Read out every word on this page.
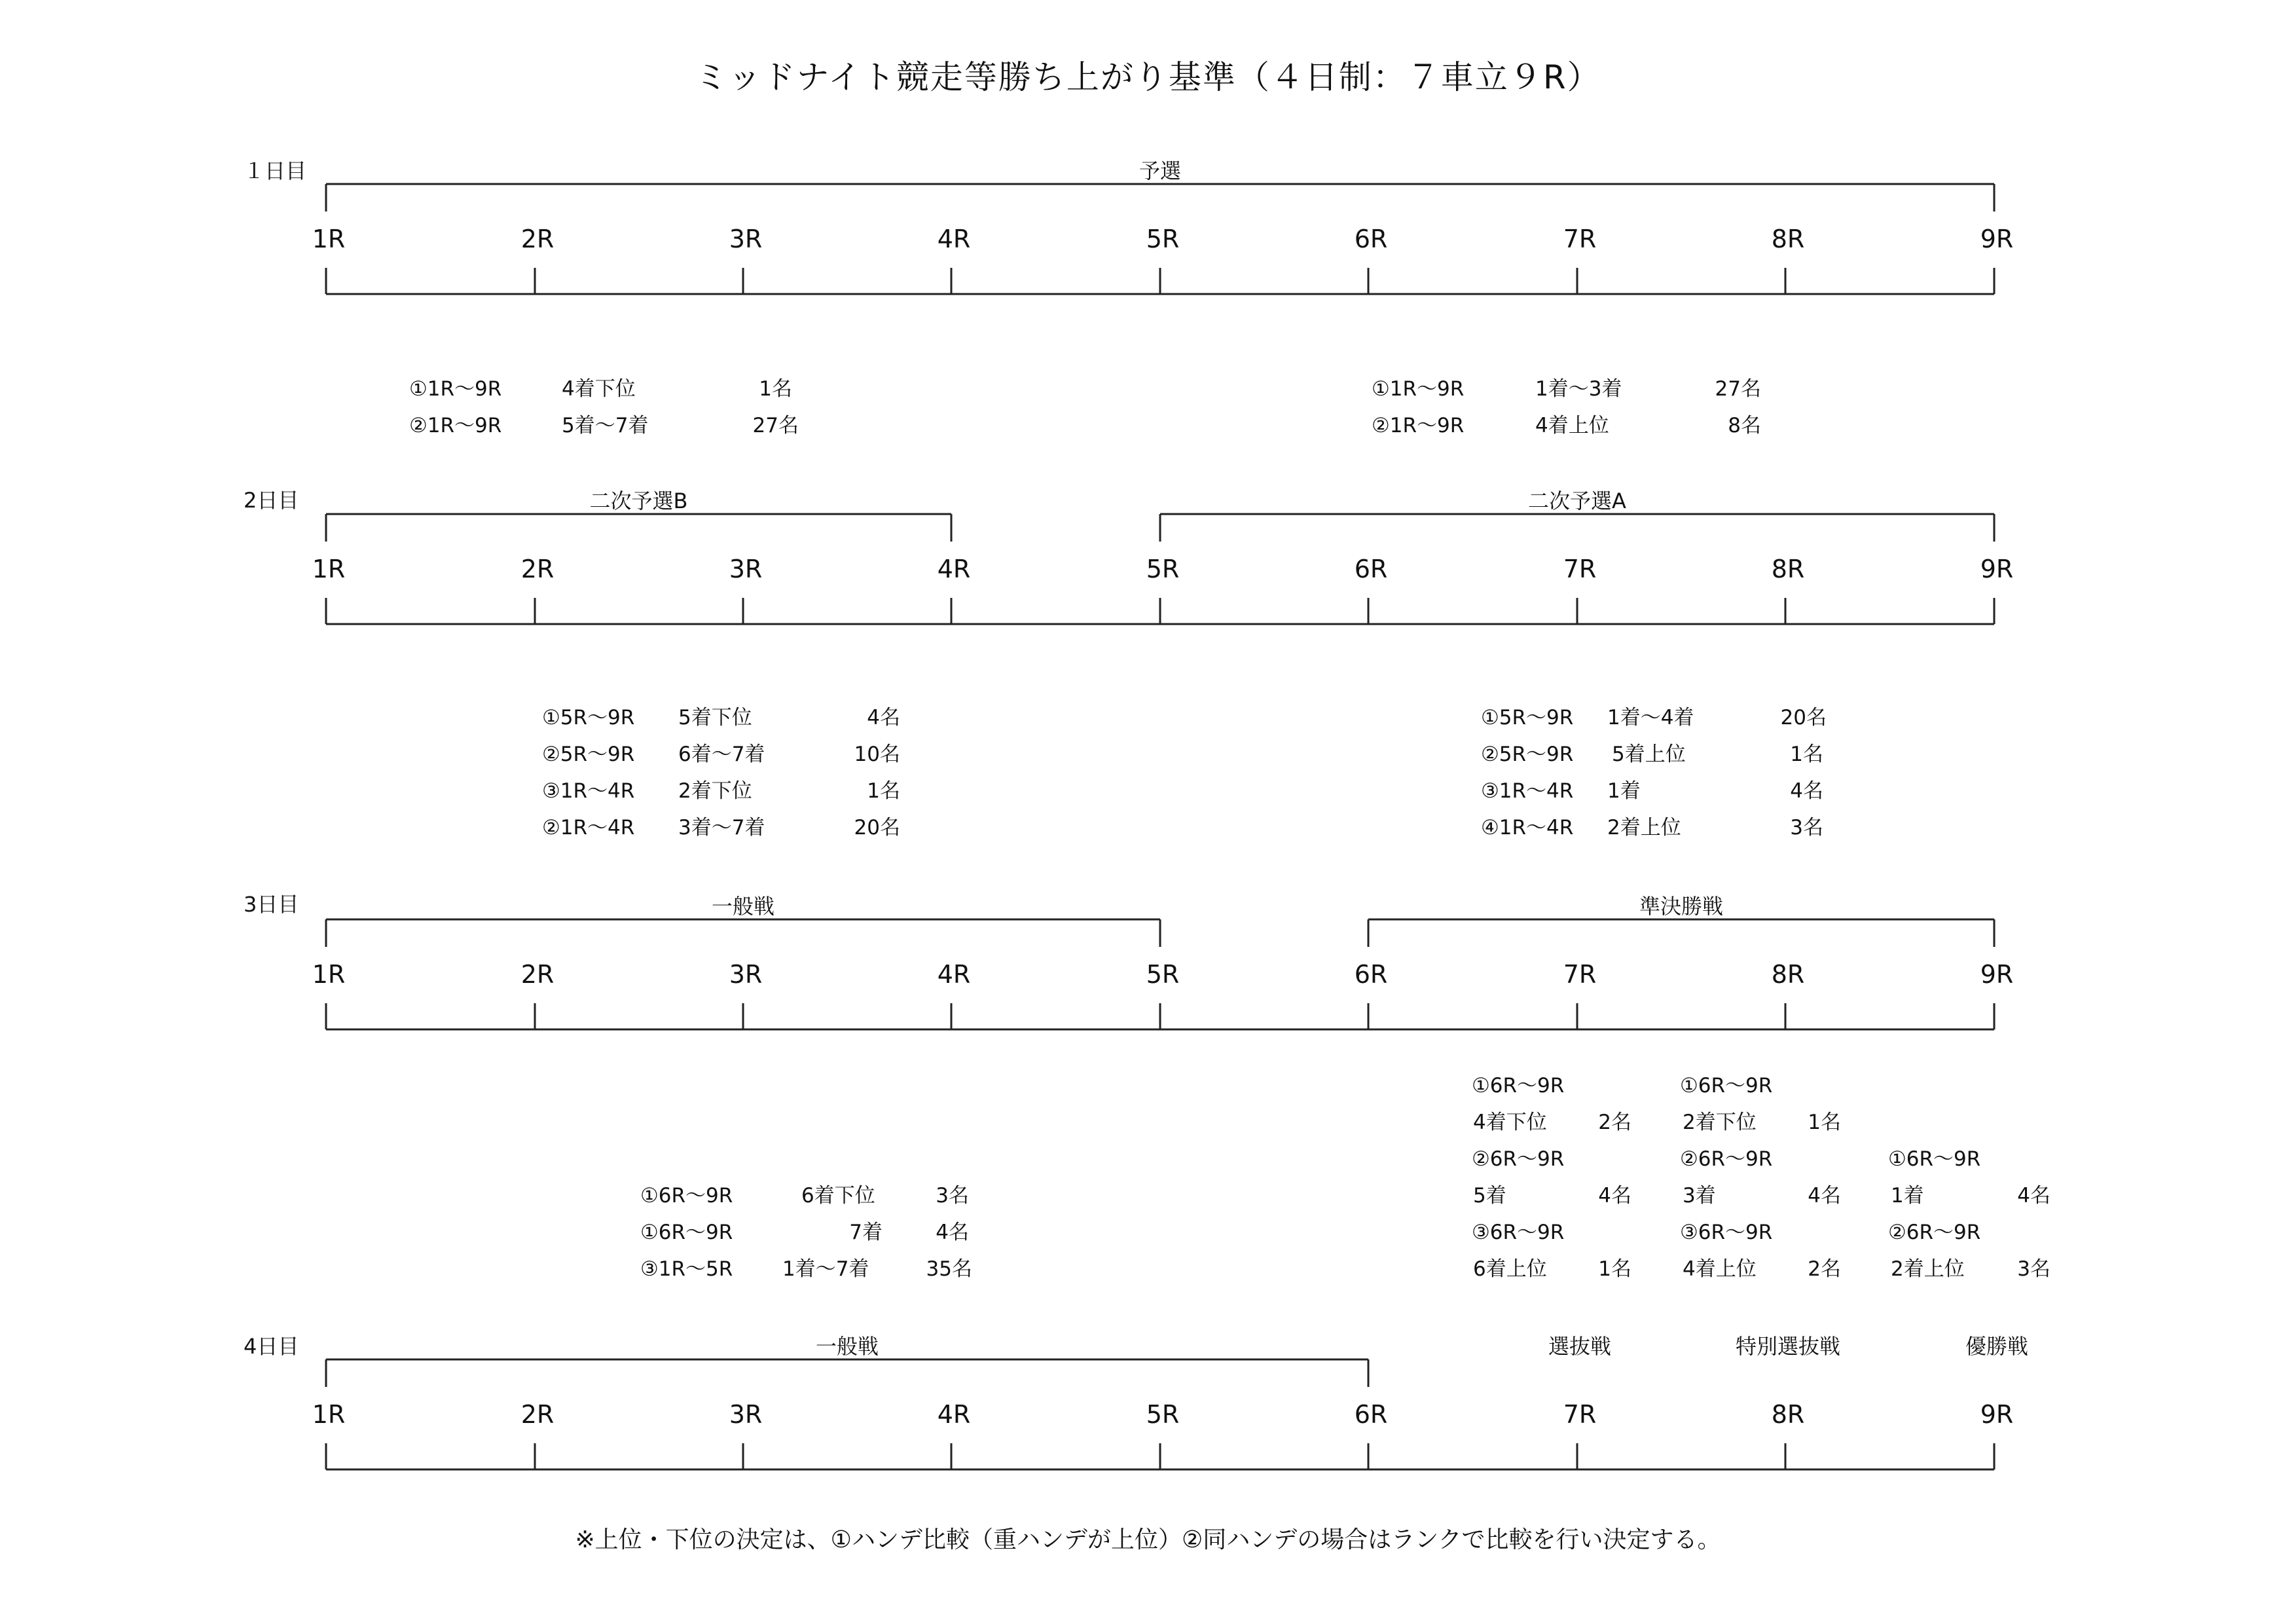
ミッドナイト競走等勝ち上がり基準（４日制：７車立９R）
１日目
1R	2R	3R	4R	5R	6R	7R	8R	9R
予選
2日目
1R	2R	3R	4R	5R	6R	7R	8R	9R
二次予選B	二次予選A
3日目
1R	2R	3R	4R	5R	6R	7R	8R	9R
一般戦	準決勝戦
4日目
1R	2R	3R	4R	5R	6R	7R	8R	9R
一般戦	選抜戦	特別選抜戦	優勝戦
①1R～9R	4着下位	1名
②1R～9R	5着～7着	27名
①1R～9R	1着～3着	27名
②1R～9R	4着上位	8名
①5R～9R 5着下位	4名
②5R～9R 6着～7着	10名
③1R～4R 2着下位	1名
②1R～4R 3着～7着	20名
①5R～9R 1着～4着	20名
②5R～9R 5着上位	1名
③1R～4R 1着	4名
④1R～4R 2着上位	3名
①6R～9R	6着下位	3名
①6R～9R	7着	4名
③1R～5R 1着～7着	35名
①6R～9R
4着下位	2名
②6R～9R
5着	4名
③6R～9R
6着上位	1名
①6R～9R
2着下位	1名
②6R～9R
3着	4名
③6R～9R
4着上位	2名
①6R～9R
1着	4名
②6R～9R
2着上位	3名
※上位・下位の決定は、①ハンデ比較（重ハンデが上位）②同ハンデの場合はランクで比較を行い決定する。
